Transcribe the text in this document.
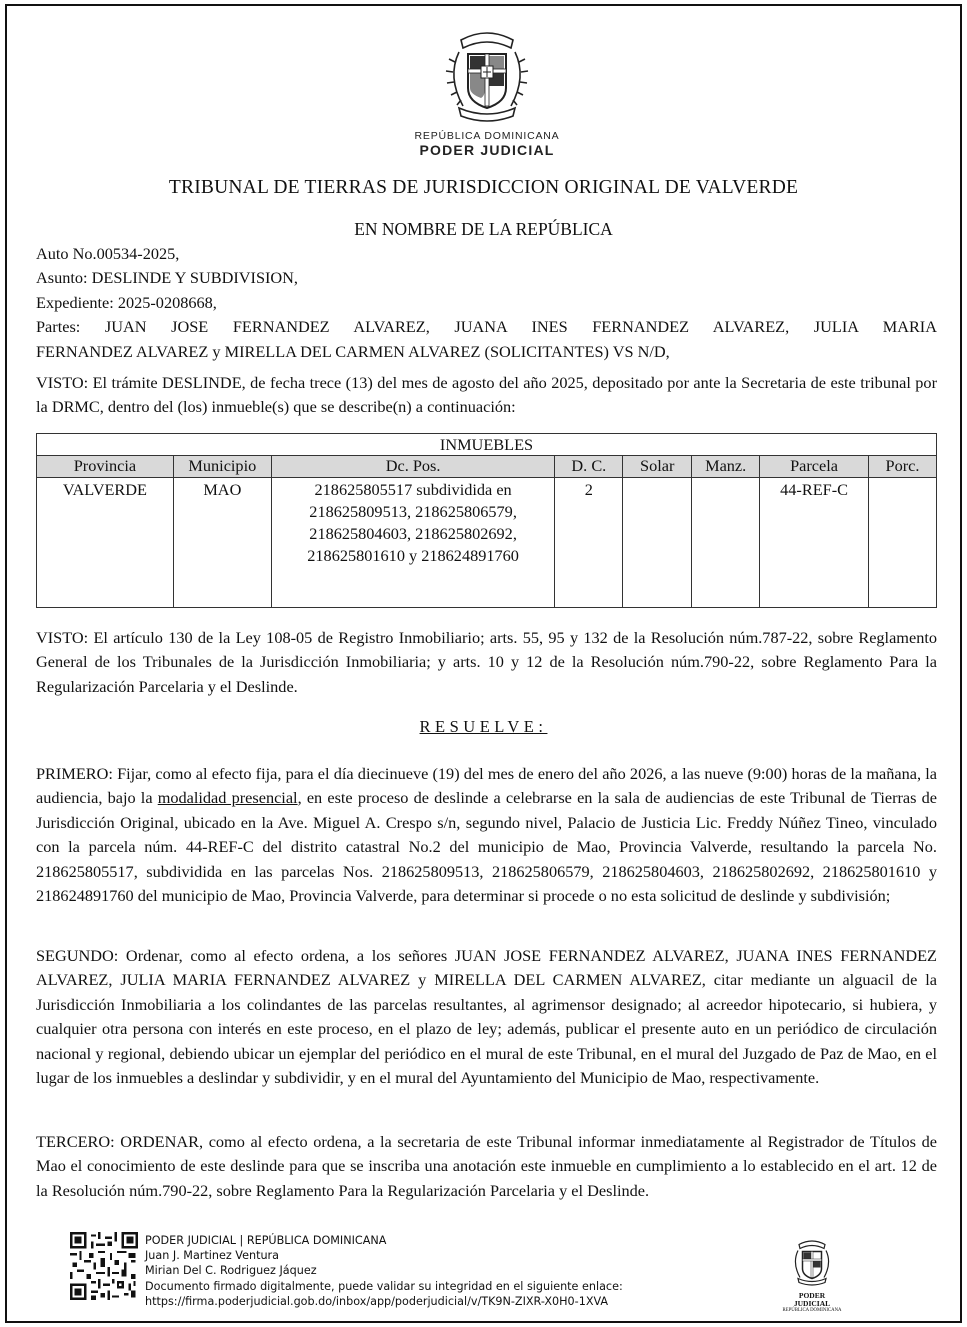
REPÚBLICA DOMINICANA
PODER JUDICIAL
TRIBUNAL DE TIERRAS DE JURISDICCION ORIGINAL DE VALVERDE
EN NOMBRE DE LA REPÚBLICA
Auto No.00534-2025,
Asunto: DESLINDE Y SUBDIVISION,
Expediente: 2025-0208668,
Partes: JUAN JOSE FERNANDEZ ALVAREZ, JUANA INES FERNANDEZ ALVAREZ, JULIA MARIA
FERNANDEZ ALVAREZ y MIRELLA DEL CARMEN ALVAREZ (SOLICITANTES) VS N/D,
VISTO: El trámite DESLINDE, de fecha trece (13) del mes de agosto del año 2025, depositado por ante la Secretaria de este tribunal por la DRMC, dentro del (los) inmueble(s) que se describe(n) a continuación:
INMUEBLES							
Provincia	Municipio	Dc. Pos.	D. C.	Solar	Manz.	Parcela	Porc.
VALVERDE	MAO	218625805517 subdividida en
218625809513, 218625806579,
218625804603, 218625802692,
218625801610 y 218624891760	2			44-REF-C	
VISTO: El artículo 130 de la Ley 108-05 de Registro Inmobiliario; arts. 55, 95 y 132 de la Resolución núm.787-22, sobre Reglamento General de los Tribunales de la Jurisdicción Inmobiliaria; y arts. 10 y 12 de la Resolución núm.790-22, sobre Reglamento Para la Regularización Parcelaria y el Deslinde.
RESUELVE:
PRIMERO: Fijar, como al efecto fija, para el día diecinueve (19) del mes de enero del año 2026, a las nueve (9:00) horas de la mañana, la audiencia, bajo la modalidad presencial, en este proceso de deslinde a celebrarse en la sala de audiencias de este Tribunal de Tierras de Jurisdicción Original, ubicado en la Ave. Miguel A. Crespo s/n, segundo nivel, Palacio de Justicia Lic. Freddy Núñez Tineo, vinculado con la parcela núm. 44-REF-C del distrito catastral No.2 del municipio de Mao, Provincia Valverde, resultando la parcela No. 218625805517, subdividida en las parcelas Nos. 218625809513, 218625806579, 218625804603, 218625802692, 218625801610 y 218624891760 del municipio de Mao, Provincia Valverde, para determinar si procede o no esta solicitud de deslinde y subdivisión;
SEGUNDO: Ordenar, como al efecto ordena, a los señores JUAN JOSE FERNANDEZ ALVAREZ, JUANA INES FERNANDEZ ALVAREZ, JULIA MARIA FERNANDEZ ALVAREZ y MIRELLA DEL CARMEN ALVAREZ, citar mediante un alguacil de la Jurisdicción Inmobiliaria a los colindantes de las parcelas resultantes, al agrimensor designado; al acreedor hipotecario, si hubiera, y cualquier otra persona con interés en este proceso, en el plazo de ley; además, publicar el presente auto en un periódico de circulación nacional y regional, debiendo ubicar un ejemplar del periódico en el mural de este Tribunal, en el mural del Juzgado de Paz de Mao, en el lugar de los inmuebles a deslindar y subdividir, y en el mural del Ayuntamiento del Municipio de Mao, respectivamente.
TERCERO: ORDENAR, como al efecto ordena, a la secretaria de este Tribunal informar inmediatamente al Registrador de Títulos de Mao el conocimiento de este deslinde para que se inscriba una anotación este inmueble en cumplimiento a lo establecido en el art. 12 de la Resolución núm.790-22, sobre Reglamento Para la Regularización Parcelaria y el Deslinde.
PODER JUDICIAL | REPÚBLICA DOMINICANA
Juan J. Martinez Ventura
Mirian Del C. Rodriguez Jáquez
Documento firmado digitalmente, puede validar su integridad en el siguiente enlace:
https://firma.poderjudicial.gob.do/inbox/app/poderjudicial/v/TK9N-ZIXR-X0H0-1XVA	PODER JUDICIAL
REPÚBLICA DOMINICANA
